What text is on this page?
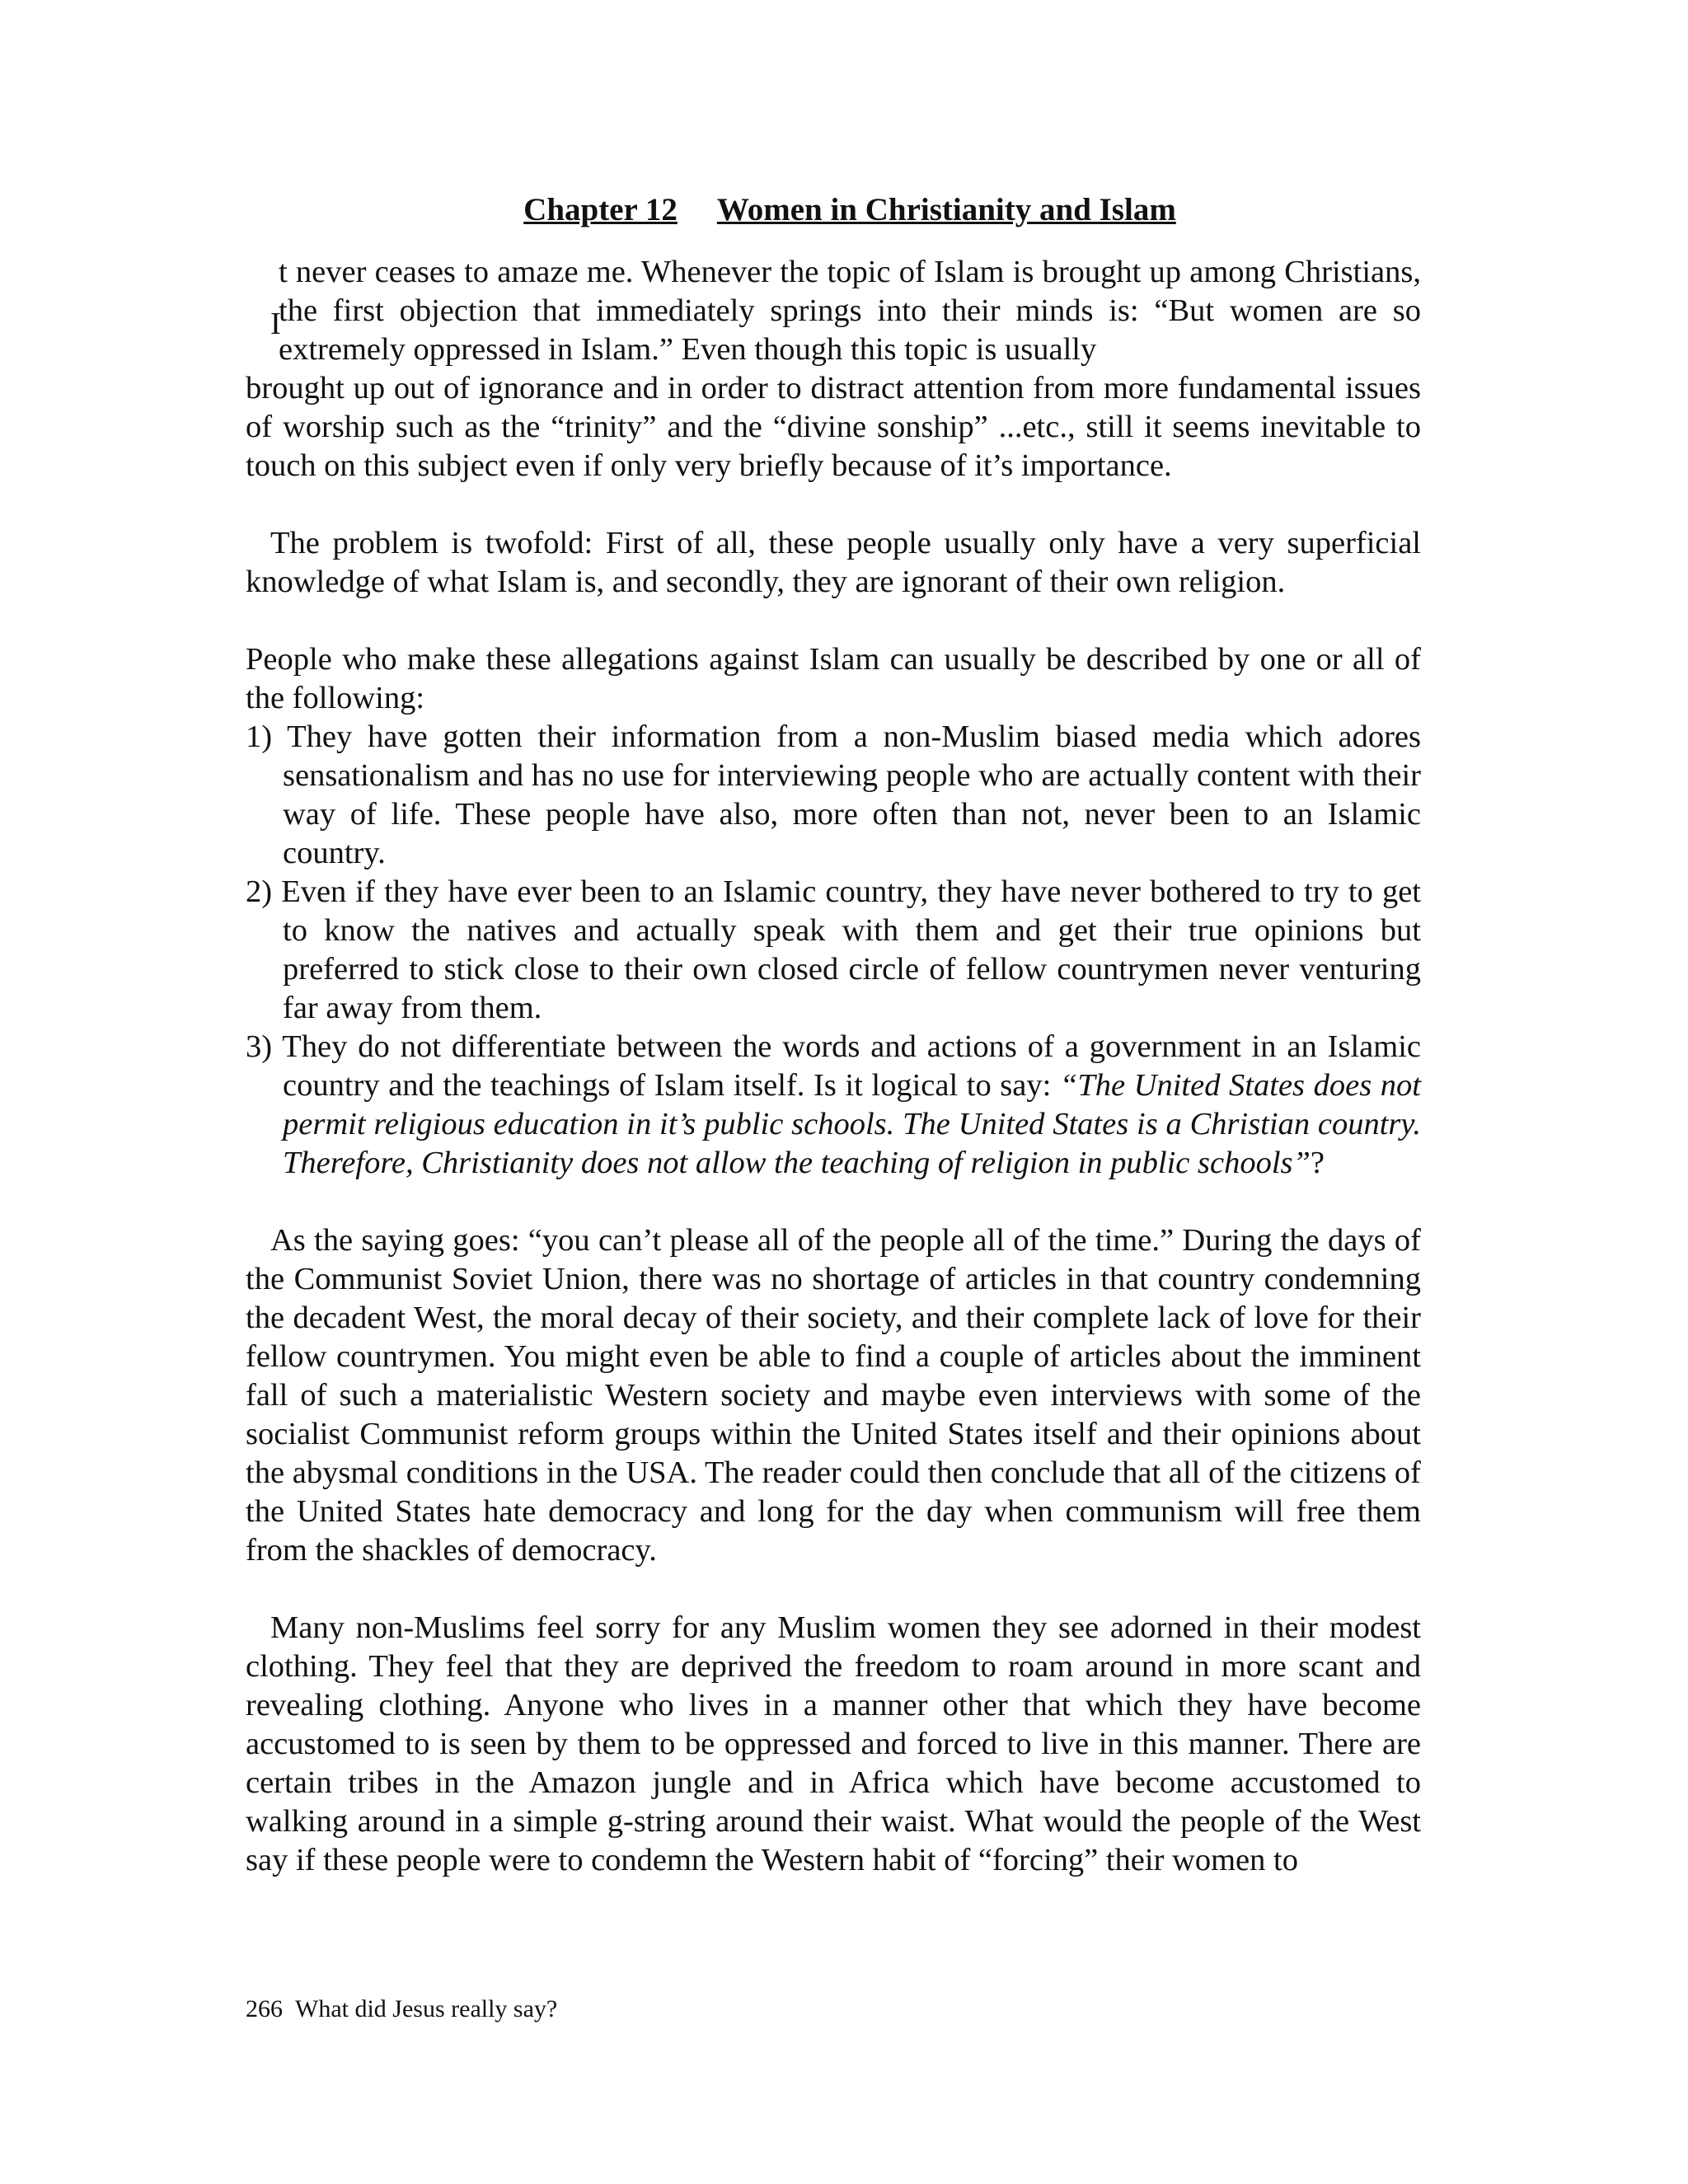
Chapter 12 Women in Christianity and Islam
I
t never ceases to amaze me. Whenever the topic of Islam is brought up among Christians, the first objection that immediately springs into their minds is: “But women are so extremely oppressed in Islam.” Even though this topic is usually
brought up out of ignorance and in order to distract attention from more fundamental issues of worship such as the “trinity” and the “divine sonship” ...etc., still it seems inevitable to touch on this subject even if only very briefly because of it’s importance.
The problem is twofold: First of all, these people usually only have a very superficial knowledge of what Islam is, and secondly, they are ignorant of their own religion.
People who make these allegations against Islam can usually be described by one or all of the following:
1) They have gotten their information from a non-Muslim biased media which adores sensationalism and has no use for interviewing people who are actually content with their way of life. These people have also, more often than not, never been to an Islamic country.
2) Even if they have ever been to an Islamic country, they have never bothered to try to get to know the natives and actually speak with them and get their true opinions but preferred to stick close to their own closed circle of fellow countrymen never venturing far away from them.
3) They do not differentiate between the words and actions of a government in an Islamic country and the teachings of Islam itself. Is it logical to say: “The United States does not permit religious education in it’s public schools. The United States is a Christian country. Therefore, Christianity does not allow the teaching of religion in public schools”?
As the saying goes: “you can’t please all of the people all of the time.” During the days of the Communist Soviet Union, there was no shortage of articles in that country condemning the decadent West, the moral decay of their society, and their complete lack of love for their fellow countrymen. You might even be able to find a couple of articles about the imminent fall of such a materialistic Western society and maybe even interviews with some of the socialist Communist reform groups within the United States itself and their opinions about the abysmal conditions in the USA. The reader could then conclude that all of the citizens of the United States hate democracy and long for the day when communism will free them from the shackles of democracy.
Many non-Muslims feel sorry for any Muslim women they see adorned in their modest clothing. They feel that they are deprived the freedom to roam around in more scant and revealing clothing. Anyone who lives in a manner other that which they have become accustomed to is seen by them to be oppressed and forced to live in this manner. There are certain tribes in the Amazon jungle and in Africa which have become accustomed to walking around in a simple g-string around their waist. What would the people of the West say if these people were to condemn the Western habit of “forcing” their women to
266 What did Jesus really say?
